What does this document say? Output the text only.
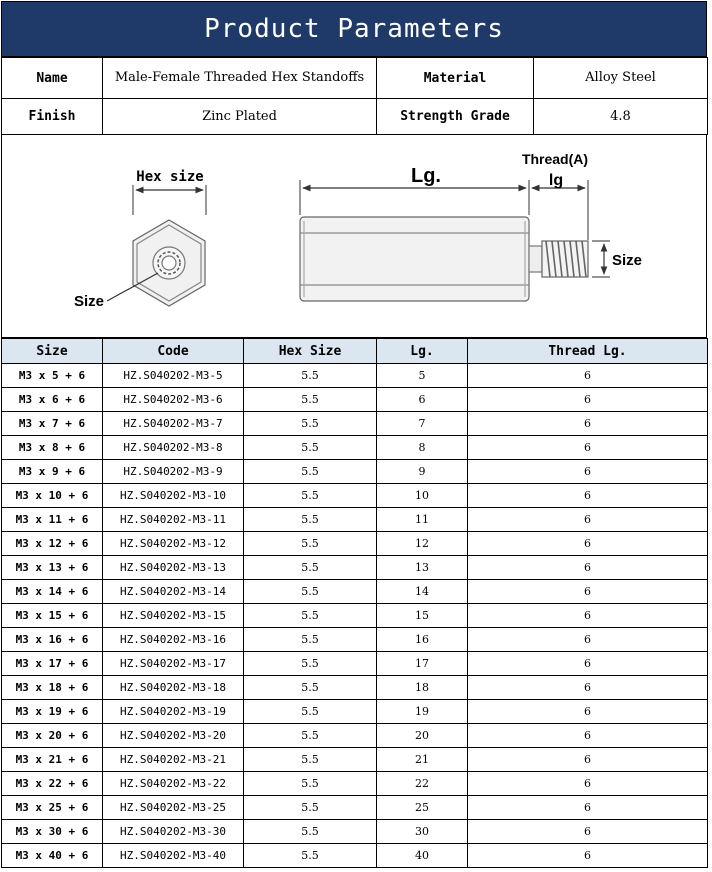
Product Parameters
Name	Male-Female Threaded Hex Standoffs	Material	Alloy Steel
Finish	Zinc Plated	Strength Grade	4.8
Hex size
Size
Lg.
Thread(A)
lg
Size
Size	Code	Hex Size	Lg.	Thread Lg.
M3 x 5 + 6	HZ.S040202-M3-5	5.5	5	6
M3 x 6 + 6	HZ.S040202-M3-6	5.5	6	6
M3 x 7 + 6	HZ.S040202-M3-7	5.5	7	6
M3 x 8 + 6	HZ.S040202-M3-8	5.5	8	6
M3 x 9 + 6	HZ.S040202-M3-9	5.5	9	6
M3 x 10 + 6	HZ.S040202-M3-10	5.5	10	6
M3 x 11 + 6	HZ.S040202-M3-11	5.5	11	6
M3 x 12 + 6	HZ.S040202-M3-12	5.5	12	6
M3 x 13 + 6	HZ.S040202-M3-13	5.5	13	6
M3 x 14 + 6	HZ.S040202-M3-14	5.5	14	6
M3 x 15 + 6	HZ.S040202-M3-15	5.5	15	6
M3 x 16 + 6	HZ.S040202-M3-16	5.5	16	6
M3 x 17 + 6	HZ.S040202-M3-17	5.5	17	6
M3 x 18 + 6	HZ.S040202-M3-18	5.5	18	6
M3 x 19 + 6	HZ.S040202-M3-19	5.5	19	6
M3 x 20 + 6	HZ.S040202-M3-20	5.5	20	6
M3 x 21 + 6	HZ.S040202-M3-21	5.5	21	6
M3 x 22 + 6	HZ.S040202-M3-22	5.5	22	6
M3 x 25 + 6	HZ.S040202-M3-25	5.5	25	6
M3 x 30 + 6	HZ.S040202-M3-30	5.5	30	6
M3 x 40 + 6	HZ.S040202-M3-40	5.5	40	6
